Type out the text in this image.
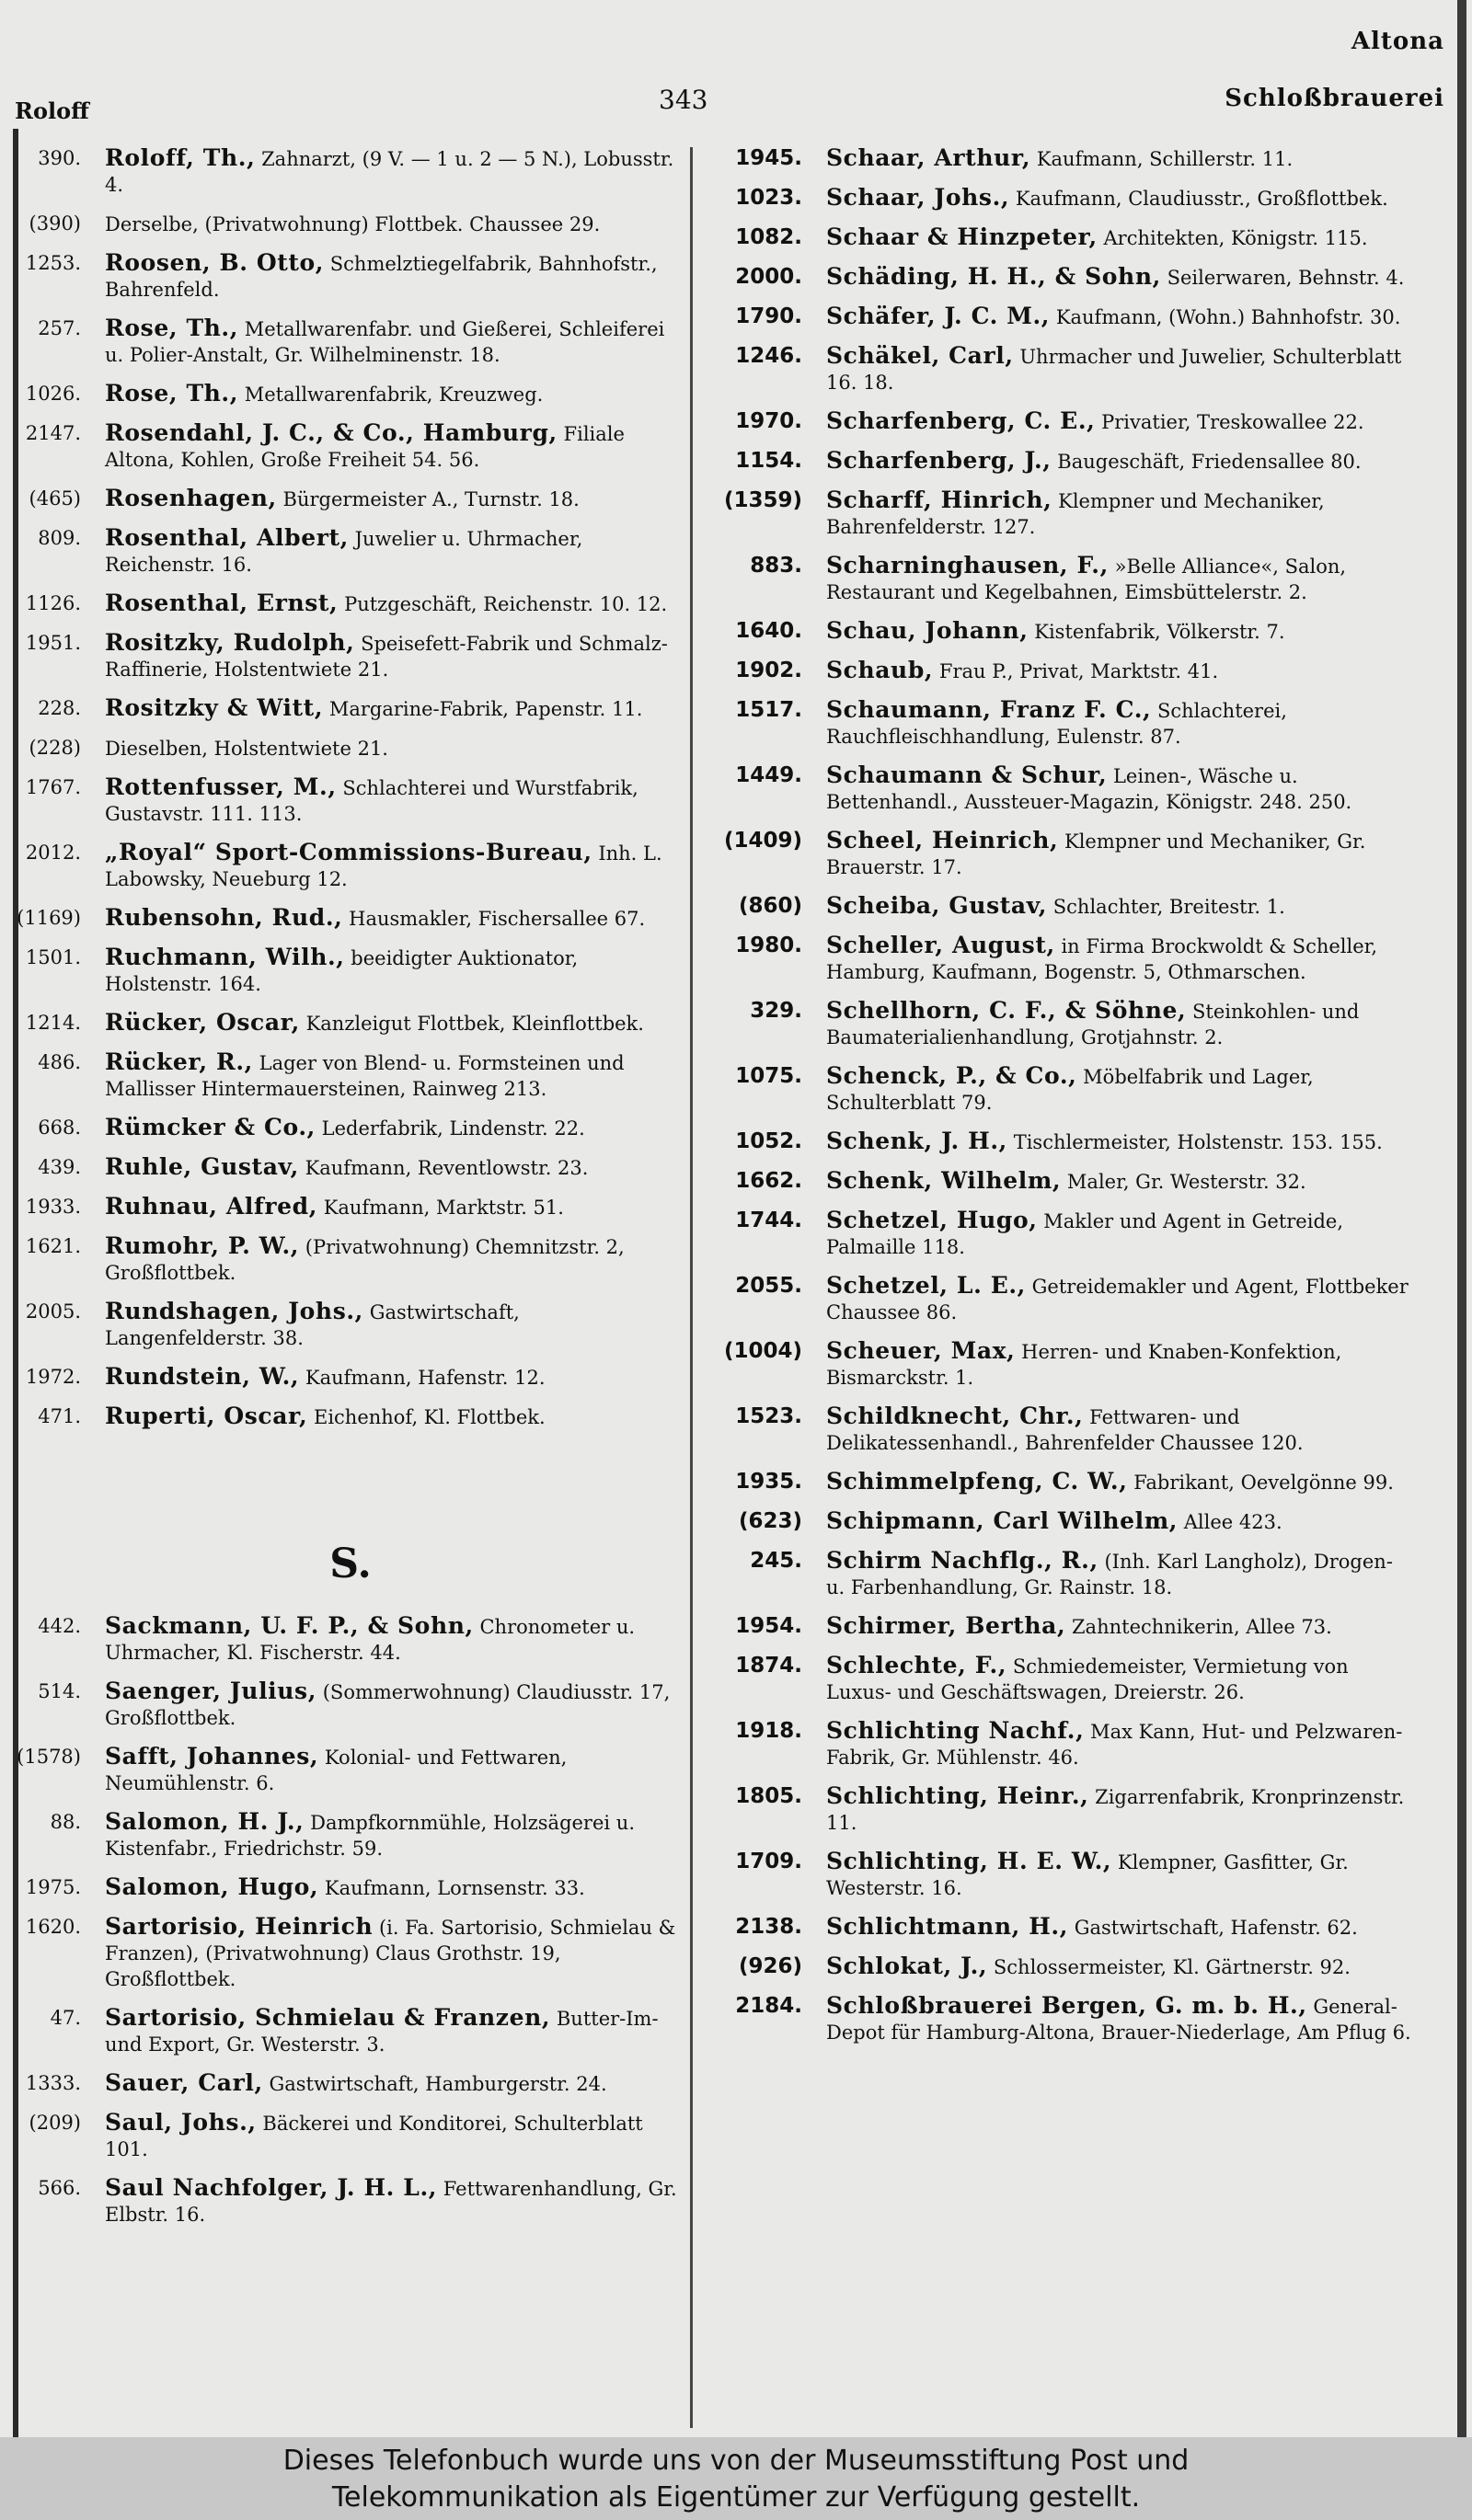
Roloff	343
Altona
Schloßbrauerei
390.	Roloff, Th., Zahnarzt, (9 V. — 1 u. 2 — 5 N.), Lobusstr. 4.
(390)	Derselbe, (Privatwohnung) Flottbek. Chaussee 29.
1253.	Roosen, B. Otto, Schmelztiegelfabrik, Bahnhofstr., Bahrenfeld.
257.	Rose, Th., Metallwarenfabr. und Gießerei, Schleiferei u. Polier-Anstalt, Gr. Wilhelminenstr. 18.
1026.	Rose, Th., Metallwarenfabrik, Kreuzweg.
2147.	Rosendahl, J. C., & Co., Hamburg, Filiale Altona, Kohlen, Große Freiheit 54. 56.
(465)	Rosenhagen, Bürgermeister A., Turnstr. 18.
809.	Rosenthal, Albert, Juwelier u. Uhrmacher, Reichenstr. 16.
1126.	Rosenthal, Ernst, Putzgeschäft, Reichenstr. 10. 12.
1951.	Rositzky, Rudolph, Speisefett-Fabrik und Schmalz-Raffinerie, Holstentwiete 21.
228.	Rositzky & Witt, Margarine-Fabrik, Papenstr. 11.
(228)	Dieselben, Holstentwiete 21.
1767.	Rottenfusser, M., Schlachterei und Wurstfabrik, Gustavstr. 111. 113.
2012.	„Royal“ Sport-Commissions-Bureau, Inh. L. Labowsky, Neueburg 12.
(1169)	Rubensohn, Rud., Hausmakler, Fischersallee 67.
1501.	Ruchmann, Wilh., beeidigter Auktionator, Holstenstr. 164.
1214.	Rücker, Oscar, Kanzleigut Flottbek, Kleinflottbek.
486.	Rücker, R., Lager von Blend- u. Formsteinen und Mallisser Hintermauersteinen, Rainweg 213.
668.	Rümcker & Co., Lederfabrik, Lindenstr. 22.
439.	Ruhle, Gustav, Kaufmann, Reventlowstr. 23.
1933.	Ruhnau, Alfred, Kaufmann, Marktstr. 51.
1621.	Rumohr, P. W., (Privatwohnung) Chemnitzstr. 2, Großflottbek.
2005.	Rundshagen, Johs., Gastwirtschaft, Langenfelderstr. 38.
1972.	Rundstein, W., Kaufmann, Hafenstr. 12.
471.	Ruperti, Oscar, Eichenhof, Kl. Flottbek.
S.
442.	Sackmann, U. F. P., & Sohn, Chronometer u. Uhrmacher, Kl. Fischerstr. 44.
514.	Saenger, Julius, (Sommerwohnung) Claudiusstr. 17, Großflottbek.
(1578)	Safft, Johannes, Kolonial- und Fettwaren, Neumühlenstr. 6.
88.	Salomon, H. J., Dampfkornmühle, Holzsägerei u. Kistenfabr., Friedrichstr. 59.
1975.	Salomon, Hugo, Kaufmann, Lornsenstr. 33.
1620.	Sartorisio, Heinrich (i. Fa. Sartorisio, Schmielau & Franzen), (Privatwohnung) Claus Grothstr. 19, Großflottbek.
47.	Sartorisio, Schmielau & Franzen, Butter-Im- und Export, Gr. Westerstr. 3.
1333.	Sauer, Carl, Gastwirtschaft, Hamburgerstr. 24.
(209)	Saul, Johs., Bäckerei und Konditorei, Schulterblatt 101.
566.	Saul Nachfolger, J. H. L., Fettwarenhandlung, Gr. Elbstr. 16.
1945.	Schaar, Arthur, Kaufmann, Schillerstr. 11.
1023.	Schaar, Johs., Kaufmann, Claudiusstr., Großflottbek.
1082.	Schaar & Hinzpeter, Architekten, Königstr. 115.
2000.	Schäding, H. H., & Sohn, Seilerwaren, Behnstr. 4.
1790.	Schäfer, J. C. M., Kaufmann, (Wohn.) Bahnhofstr. 30.
1246.	Schäkel, Carl, Uhrmacher und Juwelier, Schulterblatt 16. 18.
1970.	Scharfenberg, C. E., Privatier, Treskowallee 22.
1154.	Scharfenberg, J., Baugeschäft, Friedensallee 80.
(1359)	Scharff, Hinrich, Klempner und Mechaniker, Bahrenfelderstr. 127.
883.	Scharninghausen, F., »Belle Alliance«, Salon, Restaurant und Kegelbahnen, Eimsbüttelerstr. 2.
1640.	Schau, Johann, Kistenfabrik, Völkerstr. 7.
1902.	Schaub, Frau P., Privat, Marktstr. 41.
1517.	Schaumann, Franz F. C., Schlachterei, Rauchfleischhandlung, Eulenstr. 87.
1449.	Schaumann & Schur, Leinen-, Wäsche u. Bettenhandl., Aussteuer-Magazin, Königstr. 248. 250.
(1409)	Scheel, Heinrich, Klempner und Mechaniker, Gr. Brauerstr. 17.
(860)	Scheiba, Gustav, Schlachter, Breitestr. 1.
1980.	Scheller, August, in Firma Brockwoldt & Scheller, Hamburg, Kaufmann, Bogenstr. 5, Othmarschen.
329.	Schellhorn, C. F., & Söhne, Steinkohlen- und Baumaterialienhandlung, Grotjahnstr. 2.
1075.	Schenck, P., & Co., Möbelfabrik und Lager, Schulterblatt 79.
1052.	Schenk, J. H., Tischlermeister, Holstenstr. 153. 155.
1662.	Schenk, Wilhelm, Maler, Gr. Westerstr. 32.
1744.	Schetzel, Hugo, Makler und Agent in Getreide, Palmaille 118.
2055.	Schetzel, L. E., Getreidemakler und Agent, Flottbeker Chaussee 86.
(1004)	Scheuer, Max, Herren- und Knaben-Konfektion, Bismarckstr. 1.
1523.	Schildknecht, Chr., Fettwaren- und Delikatessenhandl., Bahrenfelder Chaussee 120.
1935.	Schimmelpfeng, C. W., Fabrikant, Oevelgönne 99.
(623)	Schipmann, Carl Wilhelm, Allee 423.
245.	Schirm Nachflg., R., (Inh. Karl Langholz), Drogen- u. Farbenhandlung, Gr. Rainstr. 18.
1954.	Schirmer, Bertha, Zahntechnikerin, Allee 73.
1874.	Schlechte, F., Schmiedemeister, Vermietung von Luxus- und Geschäftswagen, Dreierstr. 26.
1918.	Schlichting Nachf., Max Kann, Hut- und Pelzwaren-Fabrik, Gr. Mühlenstr. 46.
1805.	Schlichting, Heinr., Zigarrenfabrik, Kronprinzenstr. 11.
1709.	Schlichting, H. E. W., Klempner, Gasfitter, Gr. Westerstr. 16.
2138.	Schlichtmann, H., Gastwirtschaft, Hafenstr. 62.
(926)	Schlokat, J., Schlossermeister, Kl. Gärtnerstr. 92.
2184.	Schloßbrauerei Bergen, G. m. b. H., General-Depot für Hamburg-Altona, Brauer-Niederlage, Am Pflug 6.
Dieses Telefonbuch wurde uns von der Museumsstiftung Post und
Telekommunikation als Eigentümer zur Verfügung gestellt.
